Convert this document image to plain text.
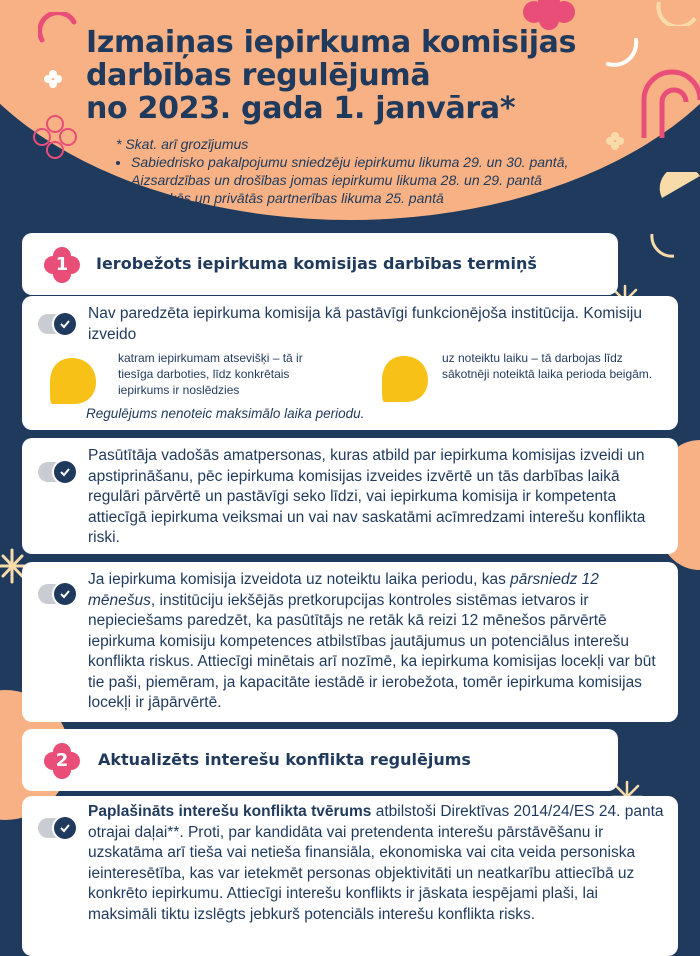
Izmaiņas iepirkuma komisijas
darbības regulējumā
no 2023. gada 1. janvāra*
* Skat. arī grozījumus
• Sabiedrisko pakalpojumu sniedzēju iepirkumu likuma 29. un 30. pantā,
• Aizsardzības un drošības jomas iepirkumu likuma 28. un 29. pantā
• Publiskās un privātās partnerības likuma 25. pantā
1	Ierobežots iepirkuma komisijas darbības termiņš
Nav paredzēta iepirkuma komisija kā pastāvīgi funkcionējoša institūcija. Komisiju izveido
katram iepirkumam atsevišķi – tā ir tiesīga darboties, līdz konkrētais iepirkums ir noslēdzies
uz noteiktu laiku – tā darbojas līdz sākotnēji noteiktā laika perioda beigām.
Regulējums nenoteic maksimālo laika periodu.
Pasūtītāja vadošās amatpersonas, kuras atbild par iepirkuma komisijas izveidi un apstiprināšanu, pēc iepirkuma komisijas izveides izvērtē un tās darbības laikā regulāri pārvērtē un pastāvīgi seko līdzi, vai iepirkuma komisija ir kompetenta attiecīgā iepirkuma veiksmai un vai nav saskatāmi acīmredzami interešu konflikta riski.
Ja iepirkuma komisija izveidota uz noteiktu laika periodu, kas pārsniedz 12 mēnešus, institūciju iekšējās pretkorupcijas kontroles sistēmas ietvaros ir nepieciešams paredzēt, ka pasūtītājs ne retāk kā reizi 12 mēnešos pārvērtē iepirkuma komisiju kompetences atbilstības jautājumus un potenciālus interešu konflikta riskus. Attiecīgi minētais arī nozīmē, ka iepirkuma komisijas locekļi var būt tie paši, piemēram, ja kapacitāte iestādē ir ierobežota, tomēr iepirkuma komisijas locekļi ir jāpārvērtē.
2	Aktualizēts interešu konflikta regulējums
Paplašināts interešu konflikta tvērums atbilstoši Direktīvas 2014/24/ES 24. panta otrajai daļai**. Proti, par kandidāta vai pretendenta interešu pārstāvēšanu ir uzskatāma arī tieša vai netieša finansiāla, ekonomiska vai cita veida personiska ieinteresētība, kas var ietekmēt personas objektivitāti un neatkarību attiecībā uz konkrēto iepirkumu. Attiecīgi interešu konflikts ir jāskata iespējami plaši, lai maksimāli tiktu izslēgts jebkurš potenciāls interešu konflikta risks.
